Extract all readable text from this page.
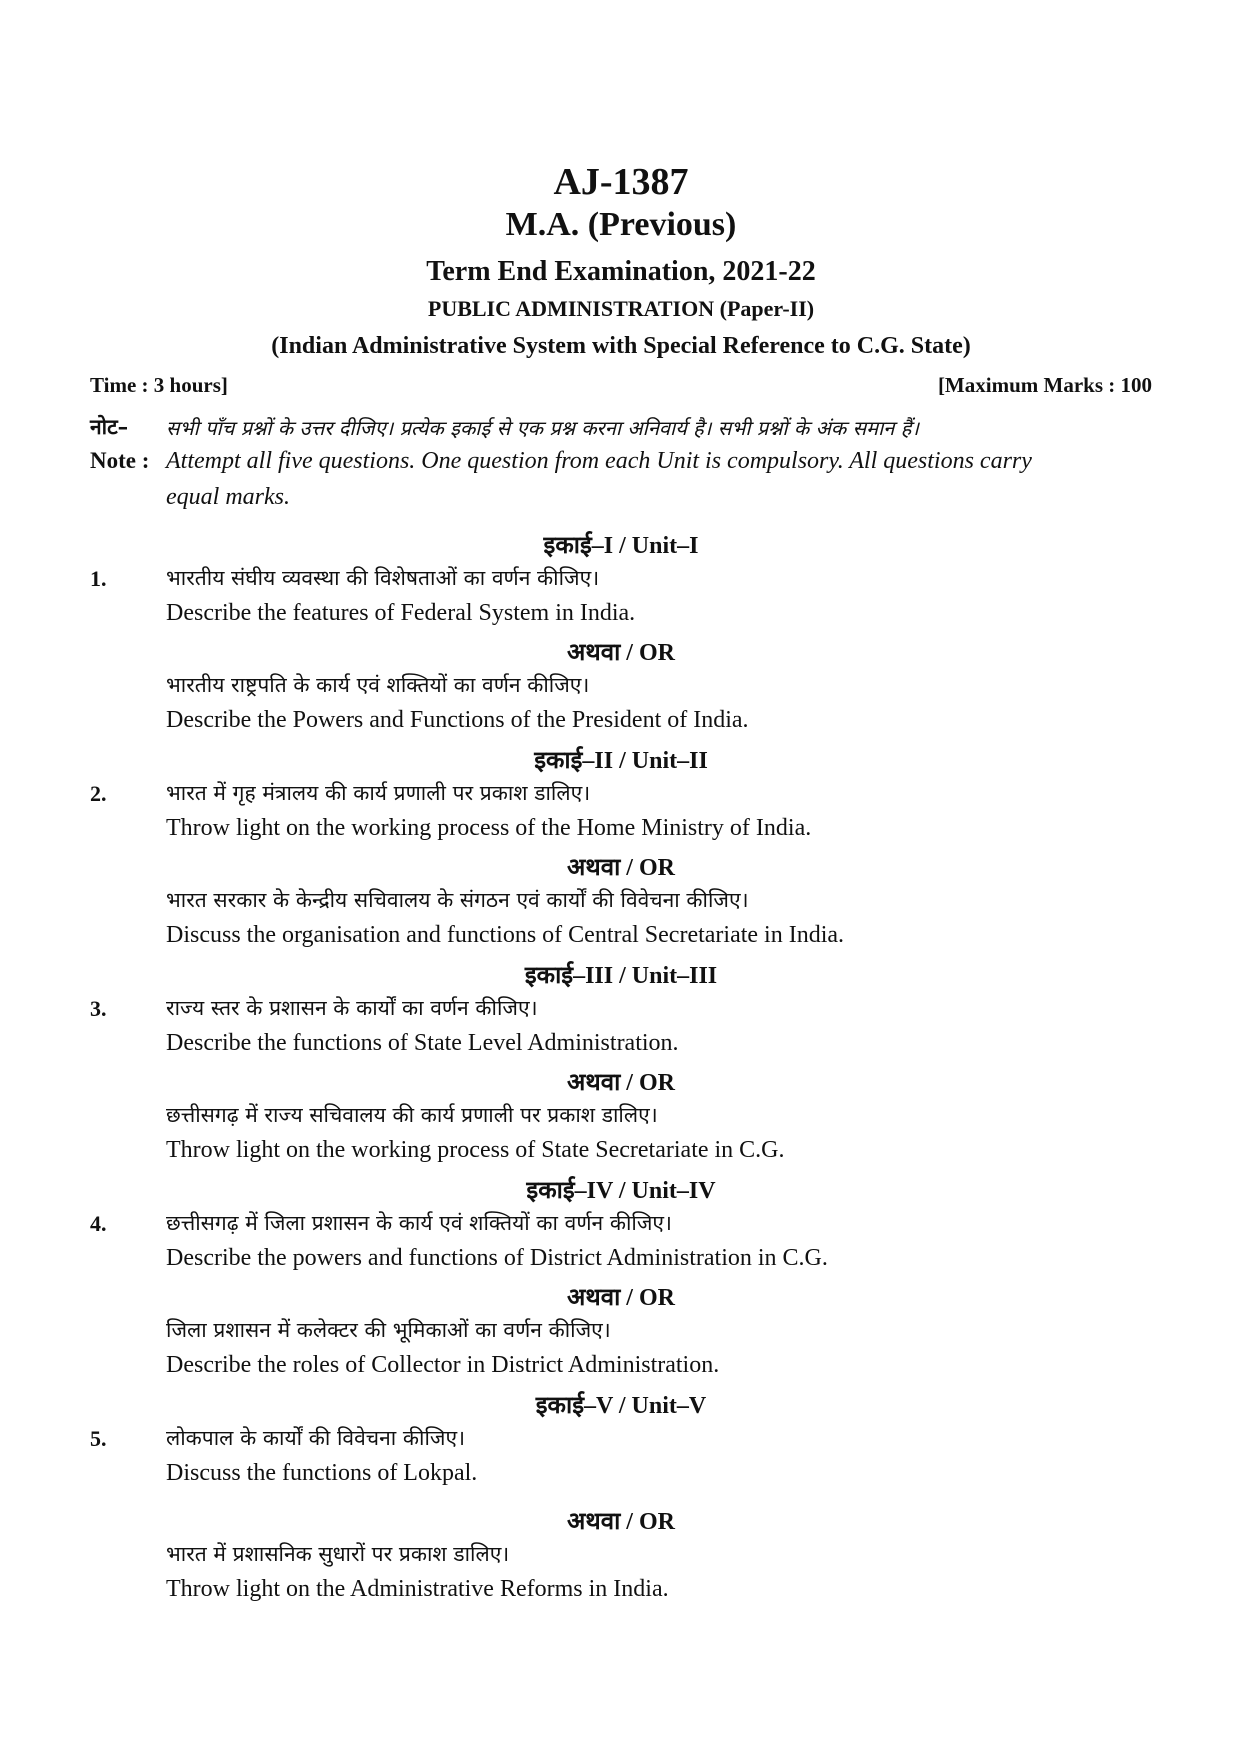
AJ-1387
M.A. (Previous)
Term End Examination, 2021-22
PUBLIC ADMINISTRATION (Paper-II)
(Indian Administrative System with Special Reference to C.G. State)
Time : 3 hours]	[Maximum Marks : 100
नोट– सभी पाँच प्रश्नों के उत्तर दीजिए। प्रत्येक इकाई से एक प्रश्न करना अनिवार्य है। सभी प्रश्नों के अंक समान हैं।
Note : Attempt all five questions. One question from each Unit is compulsory. All questions carry
equal marks.
इकाई–I / Unit–I
1.	भारतीय संघीय व्यवस्था की विशेषताओं का वर्णन कीजिए।
Describe the features of Federal System in India.
अथवा / OR
भारतीय राष्ट्रपति के कार्य एवं शक्तियों का वर्णन कीजिए।
Describe the Powers and Functions of the President of India.
इकाई–II / Unit–II
2.	भारत में गृह मंत्रालय की कार्य प्रणाली पर प्रकाश डालिए।
Throw light on the working process of the Home Ministry of India.
अथवा / OR
भारत सरकार के केन्द्रीय सचिवालय के संगठन एवं कार्यों की विवेचना कीजिए।
Discuss the organisation and functions of Central Secretariate in India.
इकाई–III / Unit–III
3.	राज्य स्तर के प्रशासन के कार्यों का वर्णन कीजिए।
Describe the functions of State Level Administration.
अथवा / OR
छत्तीसगढ़ में राज्य सचिवालय की कार्य प्रणाली पर प्रकाश डालिए।
Throw light on the working process of State Secretariate in C.G.
इकाई–IV / Unit–IV
4.	छत्तीसगढ़ में जिला प्रशासन के कार्य एवं शक्तियों का वर्णन कीजिए।
Describe the powers and functions of District Administration in C.G.
अथवा / OR
जिला प्रशासन में कलेक्टर की भूमिकाओं का वर्णन कीजिए।
Describe the roles of Collector in District Administration.
इकाई–V / Unit–V
5.	लोकपाल के कार्यों की विवेचना कीजिए।
Discuss the functions of Lokpal.
अथवा / OR
भारत में प्रशासनिक सुधारों पर प्रकाश डालिए।
Throw light on the Administrative Reforms in India.
